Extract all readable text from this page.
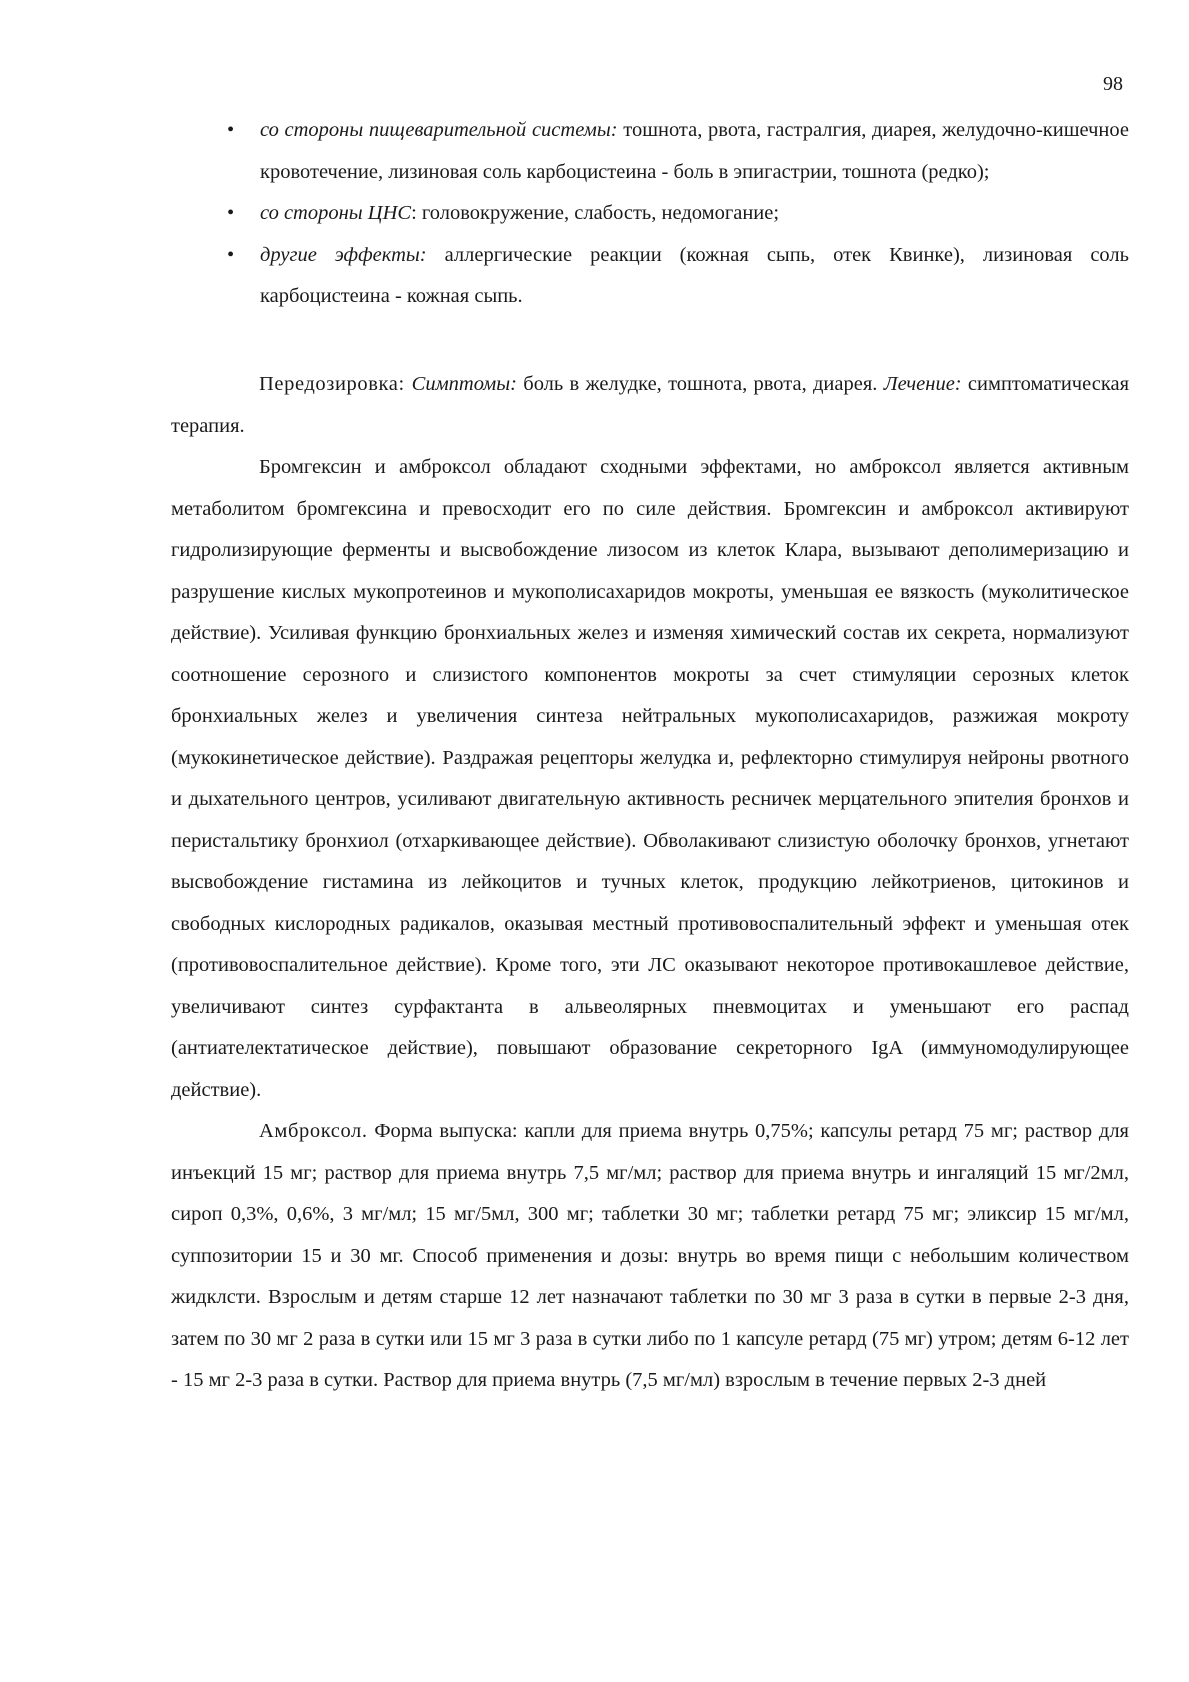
98
• со стороны пищеварительной системы: тошнота, рвота, гастралгия, диарея, желудочно-кишечное кровотечение, лизиновая соль карбоцистеина - боль в эпигастрии, тошнота (редко);
• со стороны ЦНС: головокружение, слабость, недомогание;
• другие эффекты: аллергические реакции (кожная сыпь, отек Квинке), лизиновая соль карбоцистеина - кожная сыпь.

Передозировка: Симптомы: боль в желудке, тошнота, рвота, диарея. Лечение: симптоматическая терапия.

Бромгексин и амброксол обладают сходными эффектами, но амброксол является активным метаболитом бромгексина и превосходит его по силе действия. Бромгексин и амброксол активируют гидролизирующие ферменты и высвобождение лизосом из клеток Клара, вызывают деполимеризацию и разрушение кислых мукопротеинов и мукополисахаридов мокроты, уменьшая ее вязкость (муколитическое действие). Усиливая функцию бронхиальных желез и изменяя химический состав их секрета, нормализуют соотношение серозного и слизистого компонентов мокроты за счет стимуляции серозных клеток бронхиальных желез и увеличения синтеза нейтральных мукополисахаридов, разжижая мокроту (мукокинетическое действие). Раздражая рецепторы желудка и, рефлекторно стимулируя нейроны рвотного и дыхательного центров, усиливают двигательную активность ресничек мерцательного эпителия бронхов и перистальтику бронхиол (отхаркивающее действие). Обволакивают слизистую оболочку бронхов, угнетают высвобождение гистамина из лейкоцитов и тучных клеток, продукцию лейкотриенов, цитокинов и свободных кислородных радикалов, оказывая местный противовоспалительный эффект и уменьшая отек (противовоспалительное действие). Кроме того, эти ЛС оказывают некоторое противокашлевое действие, увеличивают синтез сурфактанта в альвеолярных пневмоцитах и уменьшают его распад (антиателектатическое действие), повышают образование секреторного IgA (иммуномодулирующее действие).

Амброксол. Форма выпуска: капли для приема внутрь 0,75%; капсулы ретард 75 мг; раствор для инъекций 15 мг; раствор для приема внутрь 7,5 мг/мл; раствор для приема внутрь и ингаляций 15 мг/2мл, сироп 0,3%, 0,6%, 3 мг/мл; 15 мг/5мл, 300 мг; таблетки 30 мг; таблетки ретард 75 мг; эликсир 15 мг/мл, суппозитории 15 и 30 мг. Способ применения и дозы: внутрь во время пищи с небольшим количеством жидклсти. Взрослым и детям старше 12 лет назначают таблетки по 30 мг 3 раза в сутки в первые 2-3 дня, затем по 30 мг 2 раза в сутки или 15 мг 3 раза в сутки либо по 1 капсуле ретард (75 мг) утром; детям 6-12 лет - 15 мг 2-3 раза в сутки. Раствор для приема внутрь (7,5 мг/мл) взрослым в течение первых 2-3 дней
